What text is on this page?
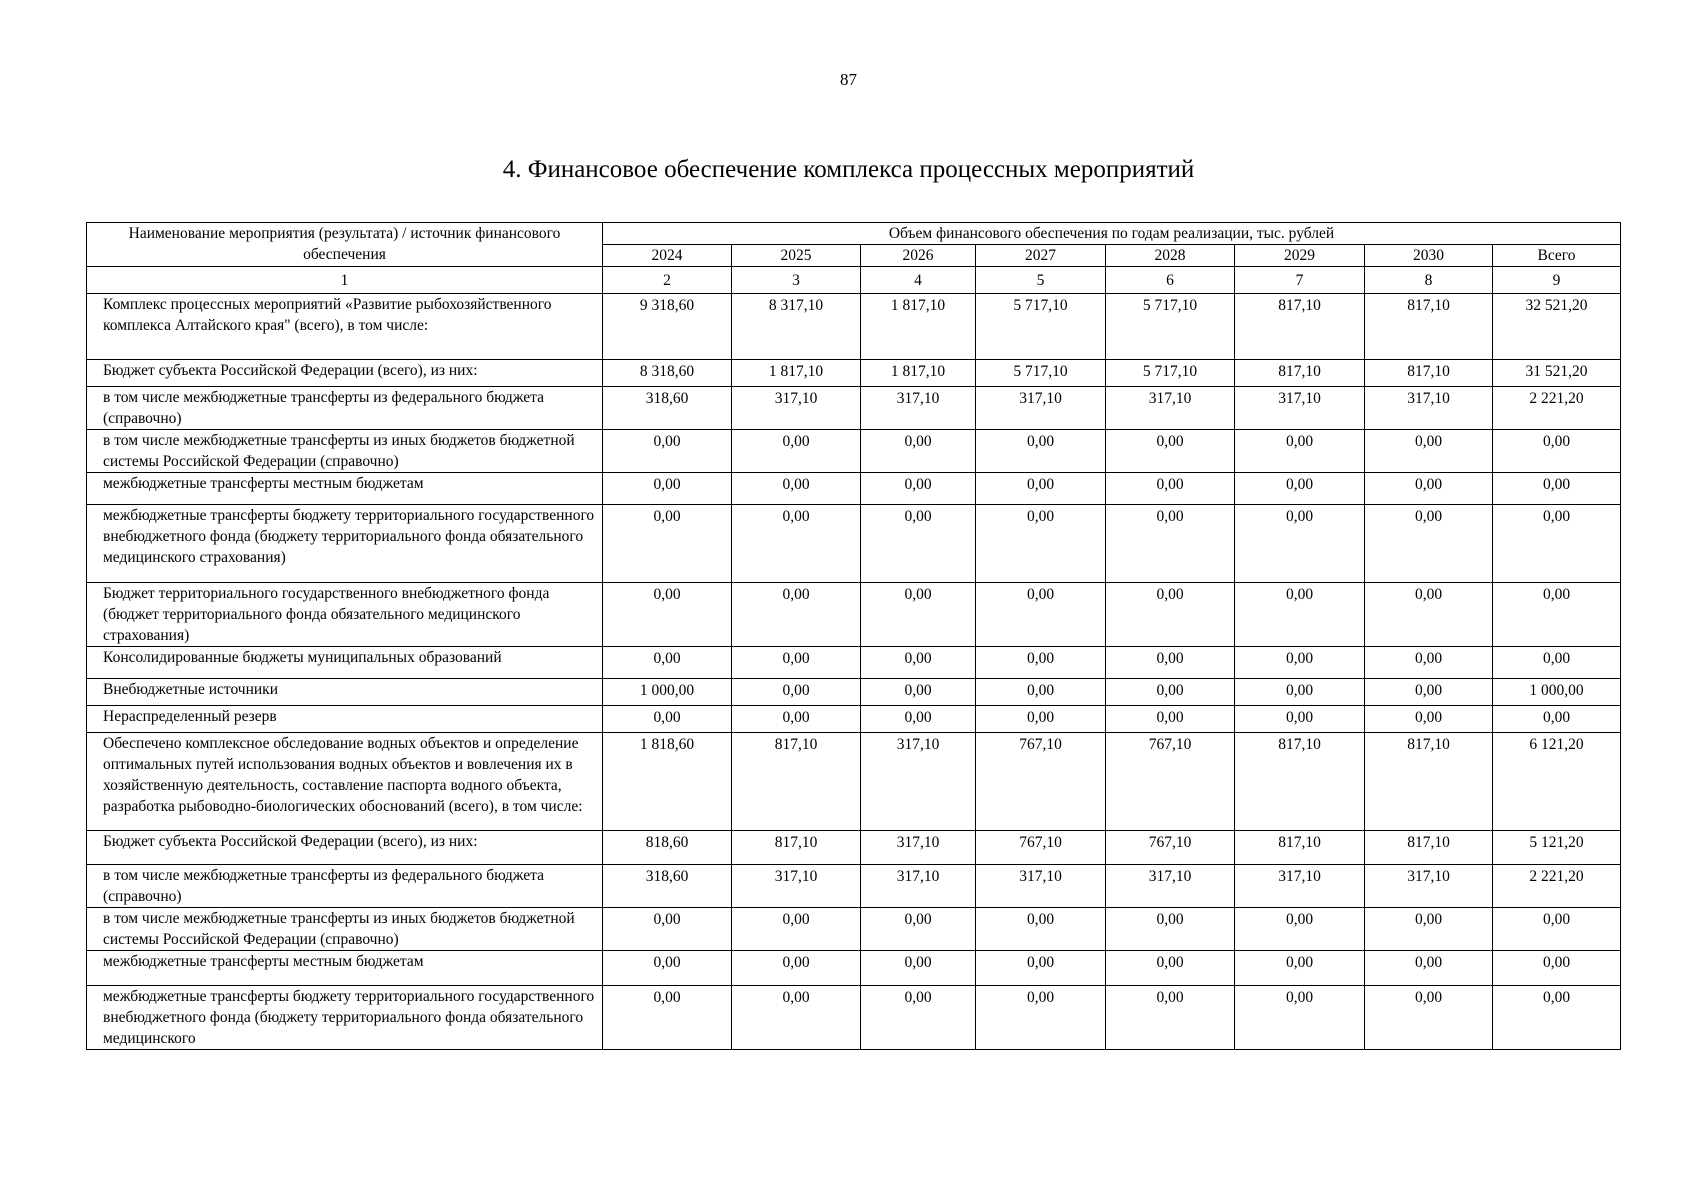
87
4. Финансовое обеспечение комплекса процессных мероприятий
Наименование мероприятия (результата) / источник финансового обеспечения	Объем финансового обеспечения по годам реализации, тыс. рублей							
	2024	2025	2026	2027	2028	2029	2030	Всего
1	2	3	4	5	6	7	8	9
Комплекс процессных мероприятий «Развитие рыбохозяйственного комплекса Алтайского края" (всего), в том числе:	9 318,60	8 317,10	1 817,10	5 717,10	5 717,10	817,10	817,10	32 521,20
Бюджет субъекта Российской Федерации (всего), из них:	8 318,60	1 817,10	1 817,10	5 717,10	5 717,10	817,10	817,10	31 521,20
в том числе межбюджетные трансферты из федерального бюджета (справочно)	318,60	317,10	317,10	317,10	317,10	317,10	317,10	2 221,20
в том числе межбюджетные трансферты из иных бюджетов бюджетной системы Российской Федерации (справочно)	0,00	0,00	0,00	0,00	0,00	0,00	0,00	0,00
межбюджетные трансферты местным бюджетам	0,00	0,00	0,00	0,00	0,00	0,00	0,00	0,00
межбюджетные трансферты бюджету территориального государственного внебюджетного фонда (бюджету территориального фонда обязательного медицинского страхования)	0,00	0,00	0,00	0,00	0,00	0,00	0,00	0,00
Бюджет территориального государственного внебюджетного фонда (бюджет территориального фонда обязательного медицинского страхования)	0,00	0,00	0,00	0,00	0,00	0,00	0,00	0,00
Консолидированные бюджеты муниципальных образований	0,00	0,00	0,00	0,00	0,00	0,00	0,00	0,00
Внебюджетные источники	1 000,00	0,00	0,00	0,00	0,00	0,00	0,00	1 000,00
Нераспределенный резерв	0,00	0,00	0,00	0,00	0,00	0,00	0,00	0,00
Обеспечено комплексное обследование водных объектов и определение оптимальных путей использования водных объектов и вовлечения их в хозяйственную деятельность, составление паспорта водного объекта, разработка рыбоводно-биологических обоснований (всего), в том числе:	1 818,60	817,10	317,10	767,10	767,10	817,10	817,10	6 121,20
Бюджет субъекта Российской Федерации (всего), из них:	818,60	817,10	317,10	767,10	767,10	817,10	817,10	5 121,20
в том числе межбюджетные трансферты из федерального бюджета (справочно)	318,60	317,10	317,10	317,10	317,10	317,10	317,10	2 221,20
в том числе межбюджетные трансферты из иных бюджетов бюджетной системы Российской Федерации (справочно)	0,00	0,00	0,00	0,00	0,00	0,00	0,00	0,00
межбюджетные трансферты местным бюджетам	0,00	0,00	0,00	0,00	0,00	0,00	0,00	0,00
межбюджетные трансферты бюджету территориального государственного внебюджетного фонда (бюджету территориального фонда обязательного медицинского	0,00	0,00	0,00	0,00	0,00	0,00	0,00	0,00
